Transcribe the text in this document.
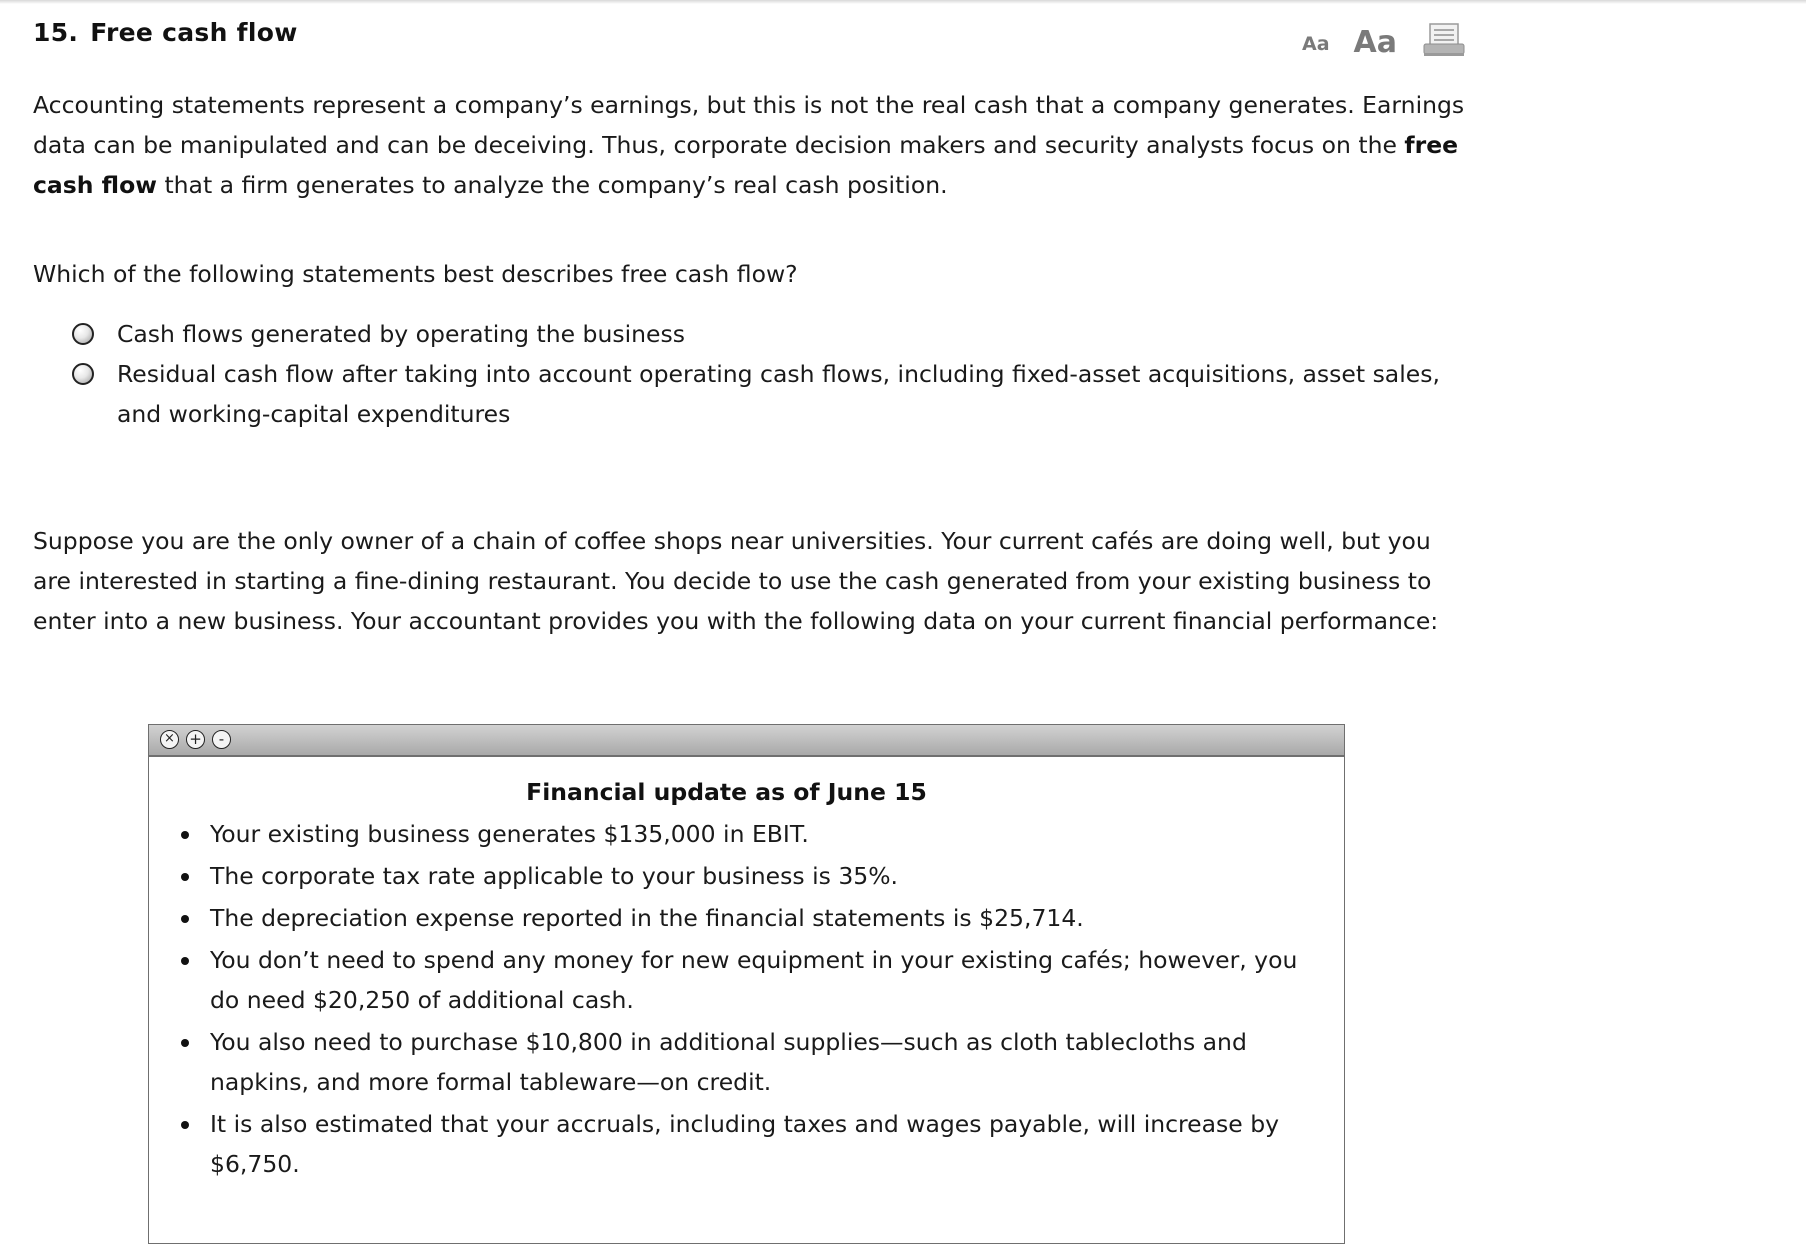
15. Free cash flow	Aa Aa

Accounting statements represent a company’s earnings, but this is not the real cash that a company generates. Earnings data can be manipulated and can be deceiving. Thus, corporate decision makers and security analysts focus on the free cash flow that a firm generates to analyze the company’s real cash position.

Which of the following statements best describes free cash flow?

Cash flows generated by operating the business
Residual cash flow after taking into account operating cash flows, including fixed-asset acquisitions, asset sales, and working-capital expenditures

Suppose you are the only owner of a chain of coffee shops near universities. Your current cafés are doing well, but you are interested in starting a fine-dining restaurant. You decide to use the cash generated from your existing business to enter into a new business. Your accountant provides you with the following data on your current financial performance:

× +	-
Financial update as of June 15
Your existing business generates $135,000 in EBIT.
The corporate tax rate applicable to your business is 35%.
The depreciation expense reported in the financial statements is $25,714.
You don’t need to spend any money for new equipment in your existing cafés; however, you do need $20,250 of additional cash.
You also need to purchase $10,800 in additional supplies—such as cloth tablecloths and napkins, and more formal tableware—on credit.
It is also estimated that your accruals, including taxes and wages payable, will increase by $6,750.
